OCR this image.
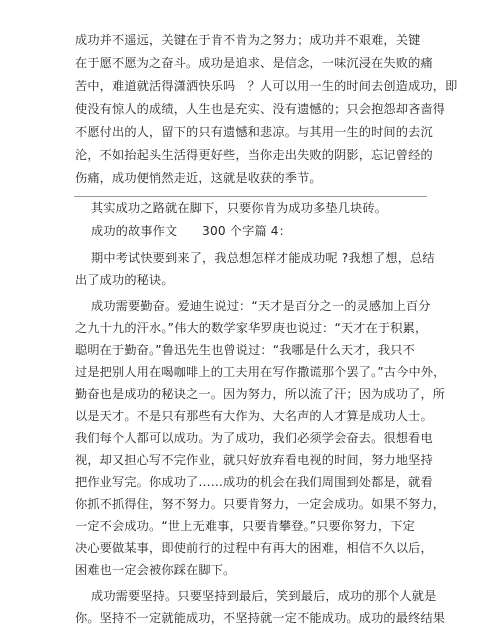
成功并不遥远，关键在于肯不肯为之努力；成功并不艰难，关键
在于愿不愿为之奋斗。成功是追求、是信念，一味沉浸在失败的痛
苦中，难道就活得潇洒快乐吗　？人可以用一生的时间去创造成功，即
使没有惊人的成绩，人生也是充实、没有遗憾的；只会抱怨却吝啬得
不愿付出的人，留下的只有遗憾和悲凉。与其用一生的时间的去沉
沦，不如抬起头生活得更好些，当你走出失败的阴影，忘记曾经的
伤痛，成功便悄然走近，这就是收获的季节。
其实成功之路就在脚下，只要你肯为成功多垫几块砖。
成功的故事作文　　300 个字篇 4：
期中考试快要到来了，我总想怎样才能成功呢 ?我想了想，总结
出了成功的秘诀。
成功需要勤奋。爱迪生说过：“天才是百分之一的灵感加上百分
之九十九的汗水。”伟大的数学家华罗庚也说过：“天才在于积累，
聪明在于勤奋。”鲁迅先生也曾说过：“我哪是什么天才，我只不
过是把别人用在喝咖啡上的工夫用在写作撒谎那个罢了。”古今中外，
勤奋也是成功的秘诀之一。因为努力，所以流了汗；因为成功了，所
以是天才。不是只有那些有大作为、大名声的人才算是成功人士。
我们每个人都可以成功。为了成功，我们必须学会奋去。很想看电
视，却又担心写不完作业，就只好放弃看电视的时间，努力地坚持
把作业写完。你成功了……成功的机会在我们周围到处都是，就看
你抓不抓得住，努不努力。只要肯努力，一定会成功。如果不努力，
一定不会成功。“世上无难事，只要肯攀登。”只要你努力，下定
决心要做某事，即使前行的过程中有再大的困难，相信不久以后，
困难也一定会被你踩在脚下。
成功需要坚持。只要坚持到最后，笑到最后，成功的那个人就是
你。坚持不一定就能成功，不坚持就一定不能成功。成功的最终结果
